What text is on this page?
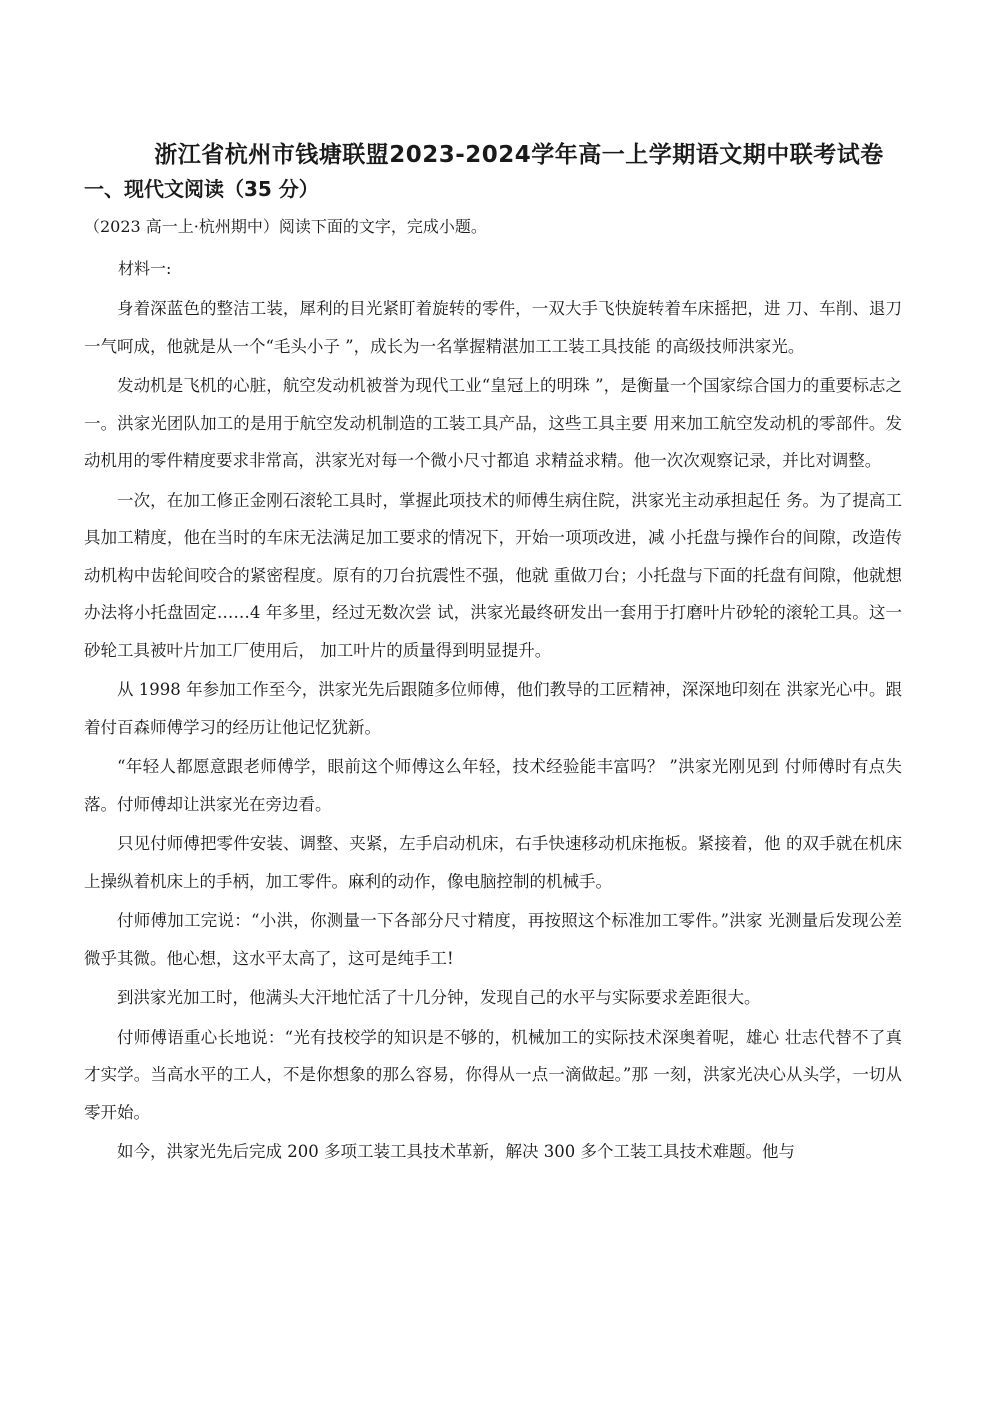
浙江省杭州市钱塘联盟2023-2024学年高一上学期语文期中联考试卷
一、现代文阅读（35 分）
（2023 高一上·杭州期中）阅读下面的文字，完成小题。
材料一:

身着深蓝色的整洁工装，犀利的目光紧盯着旋转的零件，一双大手飞快旋转着车床摇把，进 刀、车削、退刀一气呵成，他就是从一个“毛头小子 ”，成长为一名掌握精湛加工工装工具技能 的高级技师洪家光。

发动机是飞机的心脏，航空发动机被誉为现代工业“皇冠上的明珠 ”，是衡量一个国家综合国力的重要标志之一。洪家光团队加工的是用于航空发动机制造的工装工具产品，这些工具主要 用来加工航空发动机的零部件。发动机用的零件精度要求非常高，洪家光对每一个微小尺寸都追 求精益求精。他一次次观察记录，并比对调整。

一次，在加工修正金刚石滚轮工具时，掌握此项技术的师傅生病住院，洪家光主动承担起任 务。为了提高工具加工精度，他在当时的车床无法满足加工要求的情况下，开始一项项改进，减 小托盘与操作台的间隙，改造传动机构中齿轮间咬合的紧密程度。原有的刀台抗震性不强，他就 重做刀台；小托盘与下面的托盘有间隙，他就想办法将小托盘固定……4 年多里，经过无数次尝 试，洪家光最终研发出一套用于打磨叶片砂轮的滚轮工具。这一砂轮工具被叶片加工厂使用后， 加工叶片的质量得到明显提升。

从 1998 年参加工作至今，洪家光先后跟随多位师傅，他们教导的工匠精神，深深地印刻在 洪家光心中。跟着付百森师傅学习的经历让他记忆犹新。

“年轻人都愿意跟老师傅学，眼前这个师傅这么年轻，技术经验能丰富吗？ ”洪家光刚见到 付师傅时有点失落。付师傅却让洪家光在旁边看。

只见付师傅把零件安装、调整、夹紧，左手启动机床，右手快速移动机床拖板。紧接着，他 的双手就在机床上操纵着机床上的手柄，加工零件。麻利的动作，像电脑控制的机械手。

付师傅加工完说：“小洪，你测量一下各部分尺寸精度，再按照这个标准加工零件。”洪家 光测量后发现公差微乎其微。他心想，这水平太高了，这可是纯手工!

到洪家光加工时，他满头大汗地忙活了十几分钟，发现自己的水平与实际要求差距很大。

付师傅语重心长地说：“光有技校学的知识是不够的，机械加工的实际技术深奥着呢，雄心 壮志代替不了真才实学。当高水平的工人，不是你想象的那么容易，你得从一点一滴做起。”那 一刻，洪家光决心从头学，一切从零开始。

如今，洪家光先后完成 200 多项工装工具技术革新，解决 300 多个工装工具技术难题。他与
